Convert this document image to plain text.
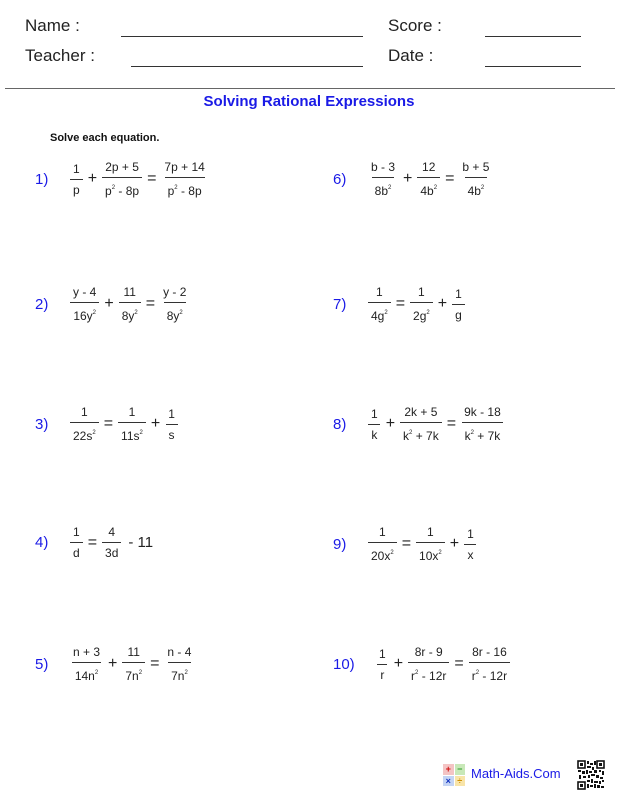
Name :
Teacher :
Score :
Date :
Solving Rational Expressions
Solve each equation.
1)	$\frac{1}{p} + \frac{2p + 5}{p^2 - 8p} = \frac{7p + 14}{p^2 - 8p}$
2)	$\frac{y - 4}{16y^2} + \frac{11}{8y^2} = \frac{y - 2}{8y^2}$
3)	$\frac{1}{22s^2} = \frac{1}{11s^2} + \frac{1}{s}$
4)	$\frac{1}{d} = \frac{4}{3d} - 11$
5)	$\frac{n + 3}{14n^2} + \frac{11}{7n^2} = \frac{n - 4}{7n^2}$
6)	$\frac{b - 3}{8b^2} + \frac{12}{4b^2} = \frac{b + 5}{4b^2}$
7)	$\frac{1}{4g^2} = \frac{1}{2g^2} + \frac{1}{g}$
8)	$\frac{1}{k} + \frac{2k + 5}{k^2 + 7k} = \frac{9k - 18}{k^2 + 7k}$
9)	$\frac{1}{20x^2} = \frac{1}{10x^2} + \frac{1}{x}$
10)	$\frac{1}{r} + \frac{8r - 9}{r^2 - 12r} = \frac{8r - 16}{r^2 - 12r}$
+ −
× ÷ Math-Aids.Com
